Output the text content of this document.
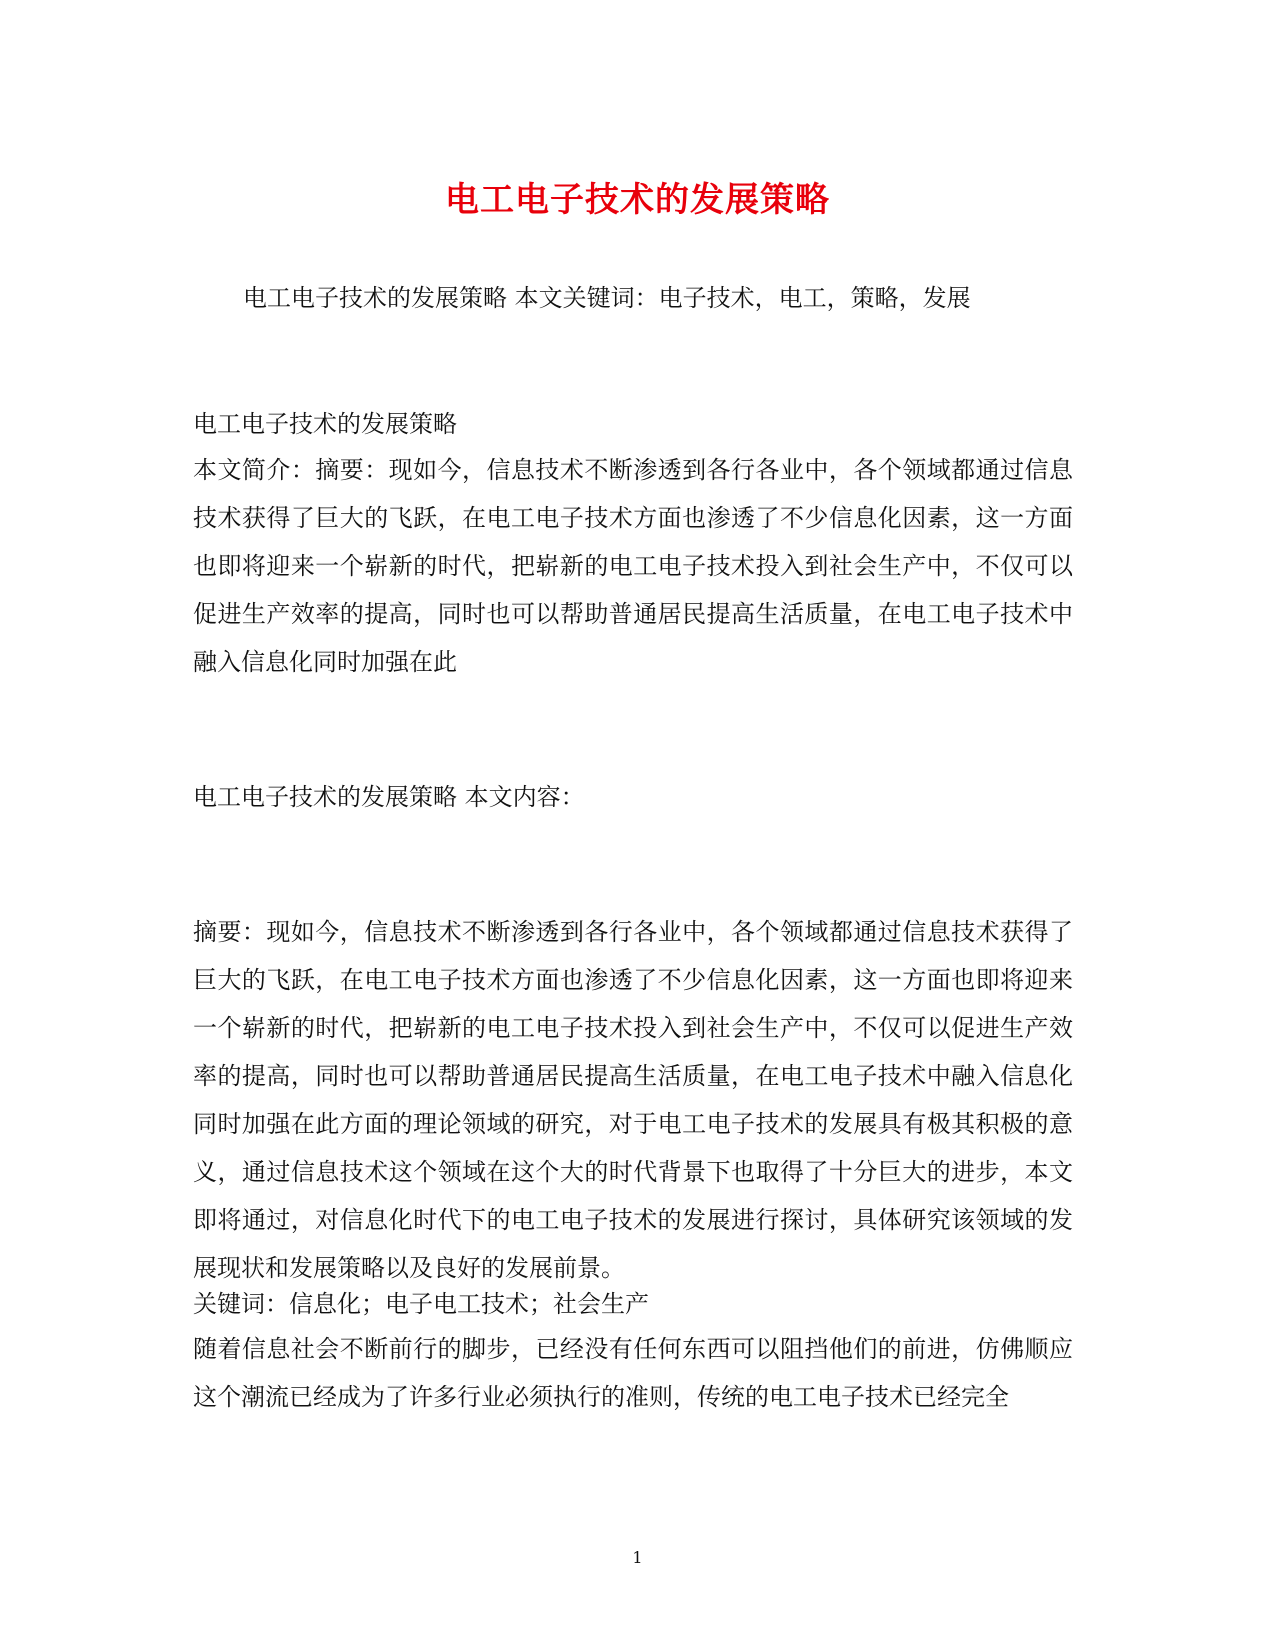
电工电子技术的发展策略
电工电子技术的发展策略 本文关键词：电子技术，电工，策略，发展
电工电子技术的发展策略
本文简介：摘要：现如今，信息技术不断渗透到各行各业中，各个领域都通过信息技术获得了巨大的飞跃，在电工电子技术方面也渗透了不少信息化因素，这一方面也即将迎来一个崭新的时代，把崭新的电工电子技术投入到社会生产中，不仅可以促进生产效率的提高，同时也可以帮助普通居民提高生活质量，在电工电子技术中融入信息化同时加强在此
电工电子技术的发展策略 本文内容：
摘要：现如今，信息技术不断渗透到各行各业中，各个领域都通过信息技术获得了巨大的飞跃，在电工电子技术方面也渗透了不少信息化因素，这一方面也即将迎来一个崭新的时代，把崭新的电工电子技术投入到社会生产中，不仅可以促进生产效率的提高，同时也可以帮助普通居民提高生活质量，在电工电子技术中融入信息化同时加强在此方面的理论领域的研究，对于电工电子技术的发展具有极其积极的意义，通过信息技术这个领域在这个大的时代背景下也取得了十分巨大的进步，本文即将通过，对信息化时代下的电工电子技术的发展进行探讨，具体研究该领域的发展现状和发展策略以及良好的发展前景。
关键词：信息化；电子电工技术；社会生产
随着信息社会不断前行的脚步，已经没有任何东西可以阻挡他们的前进，仿佛顺应这个潮流已经成为了许多行业必须执行的准则，传统的电工电子技术已经完全
1
